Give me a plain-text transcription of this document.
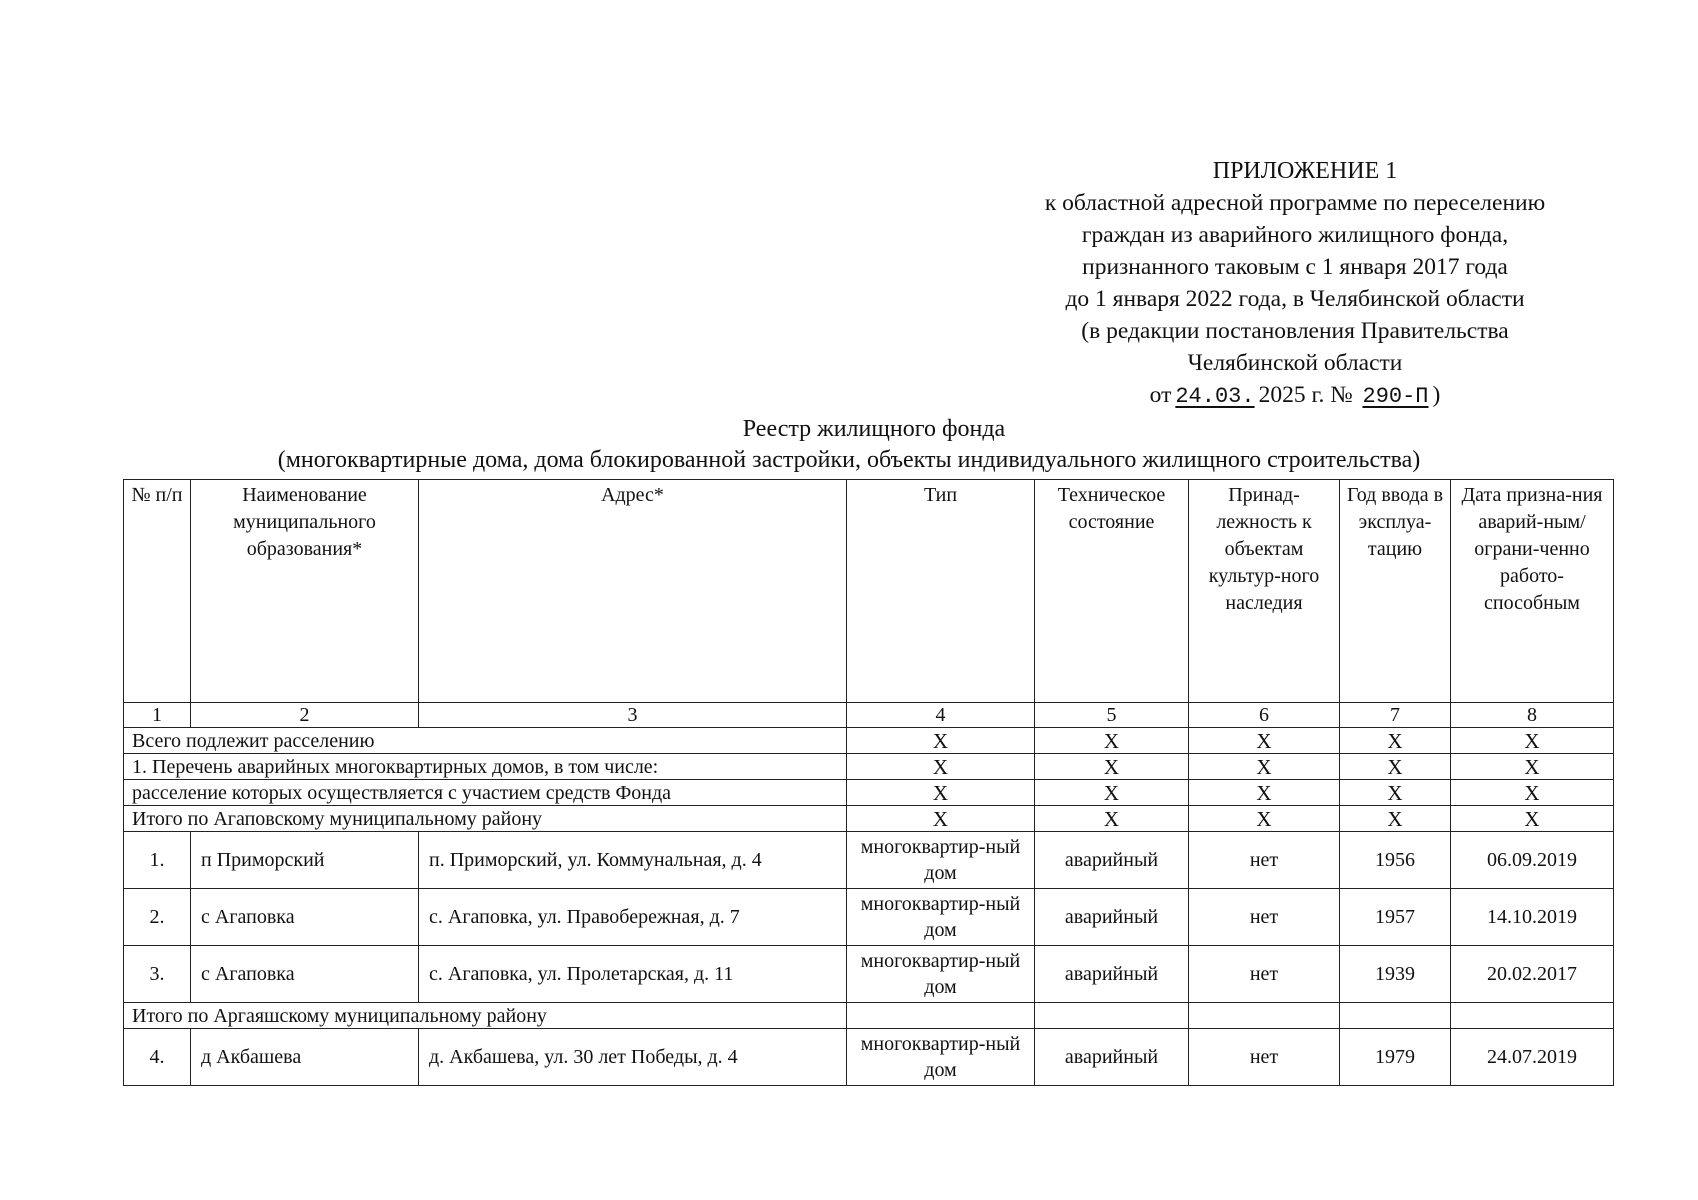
ПРИЛОЖЕНИЕ 1
к областной адресной программе по переселению
граждан из аварийного жилищного фонда,
признанного таковым с 1 января 2017 года
до 1 января 2022 года, в Челябинской области
(в редакции постановления Правительства
Челябинской области
от 24.03. 2025 г. № 290-П )
Реестр жилищного фонда
(многоквартирные дома, дома блокированной застройки, объекты индивидуального жилищного строительства)
№ п/п	Наименование муниципального образования*	Адрес*	Тип	Техническое состояние	Принад-лежность к объектам культур-ного наследия	Год ввода в эксплуа-тацию	Дата призна-ния аварий-ным/ограни-ченно работо-способным
1	2	3	4	5	6	7	8
Всего подлежит расселению			X	X	X	X	X
1. Перечень аварийных многоквартирных домов, в том числе:			X	X	X	X	X
расселение которых осуществляется с участием средств Фонда			X	X	X	X	X
Итого по Агаповскому муниципальному району			X	X	X	X	X
1.	п Приморский	п. Приморский, ул. Коммунальная, д. 4	многоквартир-ный дом	аварийный	нет	1956	06.09.2019
2.	с Агаповка	с. Агаповка, ул. Правобережная, д. 7	многоквартир-ный дом	аварийный	нет	1957	14.10.2019
3.	с Агаповка	с. Агаповка, ул. Пролетарская, д. 11	многоквартир-ный дом	аварийный	нет	1939	20.02.2017
Итого по Аргаяшскому муниципальному району							
4.	д Акбашева	д. Акбашева, ул. 30 лет Победы, д. 4	многоквартир-ный дом	аварийный	нет	1979	24.07.2019
